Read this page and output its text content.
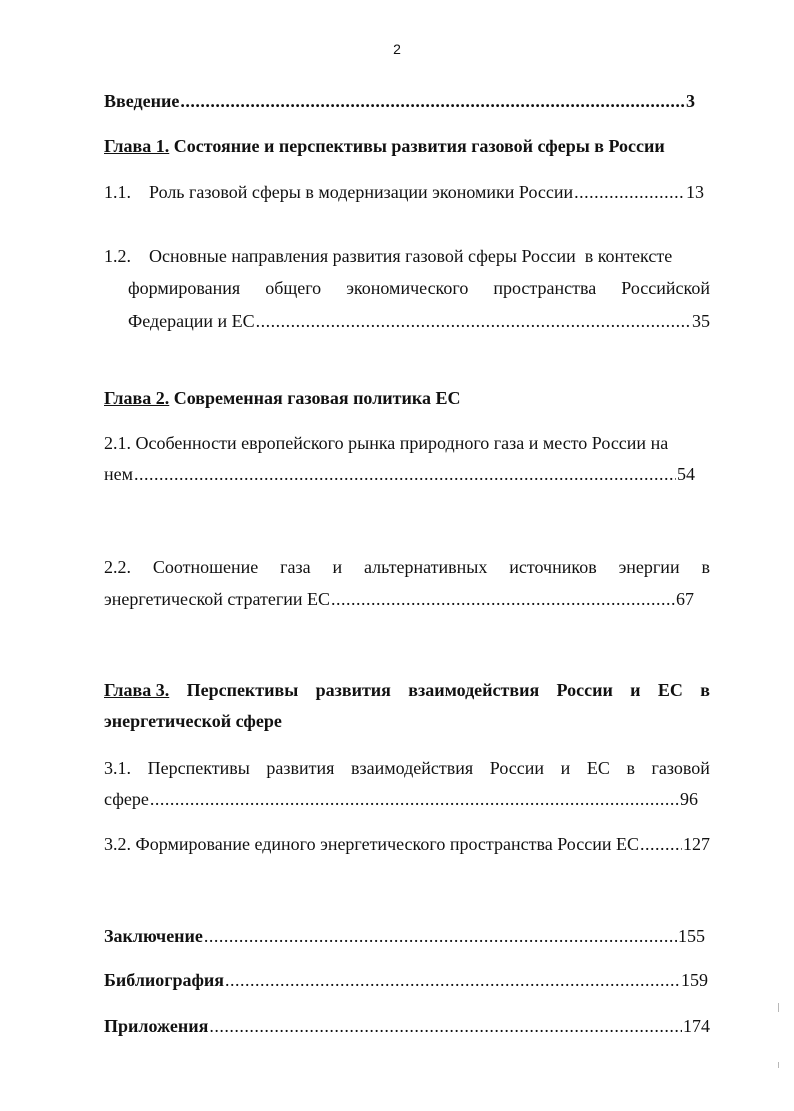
2
Введение .....	3
Глава 1. Состояние и перспективы развития газовой сферы в России
1.1.    Роль газовой сферы в модернизации экономики России .....	13
1.2.    Основные направления развития газовой сферы России  в контексте
формирования общего экономического пространства Российской
Федерации и ЕС .....	35
Глава 2. Современная газовая политика ЕС
2.1. Особенности европейского рынка природного газа и место России на
нем .....	54
2.2. Соотношение газа и альтернативных источников энергии в
энергетической стратегии ЕС .....	67
Глава 3. Перспективы развития взаимодействия России и ЕС в
энергетической сфере
3.1. Перспективы развития взаимодействия России и ЕС в газовой
сфере .....	96
3.2. Формирование единого энергетического пространства России ЕС ..... 127
Заключение .....	155
Библиография .....	159
Приложения .....	174
